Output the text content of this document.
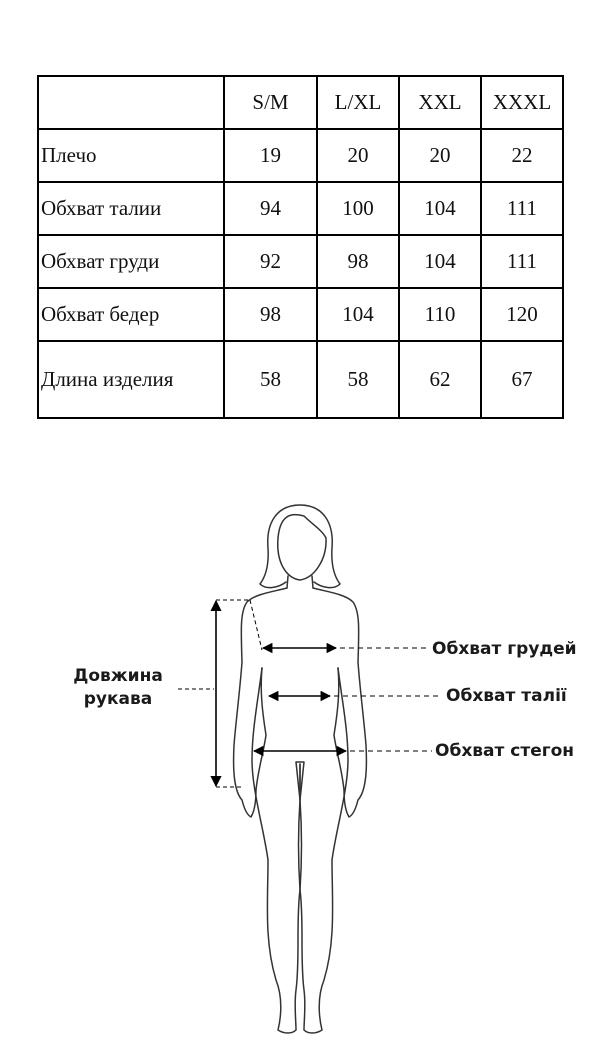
	S/M	L/XL	XXL	XXXL
Плечо	19	20	20	22
Обхват талии	94	100	104	111
Обхват груди	92	98	104	111
Обхват бедер	98	104	110	120
Длина изделия	58	58	62	67
Довжина
рукава
Обхват грудей
Обхват талії
Обхват стегон
